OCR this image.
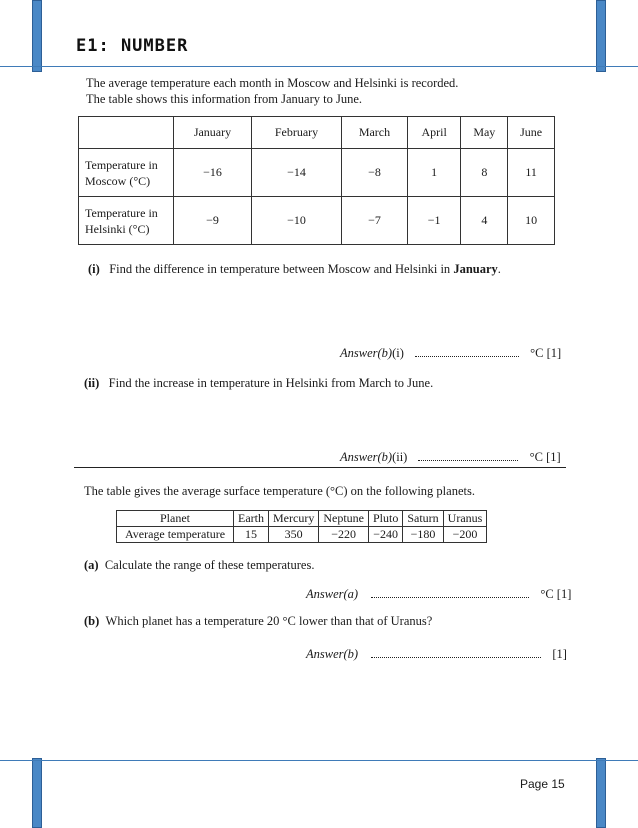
E1: NUMBER
The average temperature each month in Moscow and Helsinki is recorded.
The table shows this information from January to June.
	January	February	March	April	May	June
Temperature in
Moscow (°C)	−16	−14	−8	1	8	11
Temperature in
Helsinki (°C)	−9	−10	−7	−1	4	10
(i) Find the difference in temperature between Moscow and Helsinki in January.
Answer(b)(i)	°C [1]
(ii) Find the increase in temperature in Helsinki from March to June.
Answer(b)(ii)	°C [1]
The table gives the average surface temperature (°C) on the following planets.
Planet	Earth	Mercury	Neptune	Pluto	Saturn	Uranus
Average temperature	15	350	−220	−240	−180	−200
(a) Calculate the range of these temperatures.
Answer(a)	°C [1]
(b) Which planet has a temperature 20 °C lower than that of Uranus?
Answer(b)	[1]
Page 15
